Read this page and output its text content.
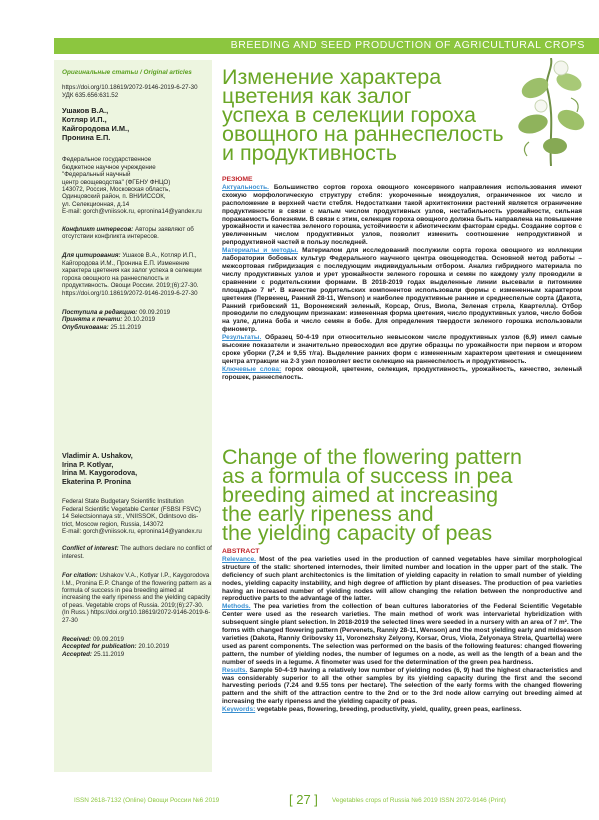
BREEDING AND SEED PRODUCTION OF AGRICULTURAL CROPS

Оригинальные статьи / Original articles

https://doi.org/10.18619/2072-9146-2019-6-27-30

УДК 635.656:631.52

Ушаков В.А.,

Котляр И.П.,

Кайгородова И.М.,

Пронина Е.П.

Федеральное государственное

бюджетное научное учреждение

"Федеральный научный

центр овощеводства" (ФГБНУ ФНЦО)

143072, Россия, Московская область,

Одинцовский район, п. ВНИИССОК,

ул. Селекционная, д.14

E-mail: gorch@vniissok.ru, epronina14@yandex.ru

Конфликт интересов: Авторы заявляют об отсутствии конфликта интересов.

Для цитирования: Ушаков В.А., Котляр И.П., Кайгородова И.М., Пронина Е.П. Изменение характера цветения как залог успеха в селекции гороха овощного на раннеспелость и продуктивность. Овощи России. 2019;(6):27-30. https://doi.org/10.18619/2072-9146-2019-6-27-30

Поступила в редакцию: 09.09.2019

Принята к печати: 20.10.2019

Опубликована: 25.11.2019

Vladimir A. Ushakov,

Irina P. Kotlyar,

Irina M. Kaygorodova,

Ekaterina P. Pronina

Federal State Budgetary Scientific Institution

Federal Scientific Vegetable Center (FSBSI FSVC)

14 Selectsionnaya str., VNIISSOK, Odintsovo dis-

trict, Moscow region, Russia, 143072

E-mail: gorch@vniissok.ru, epronina14@yandex.ru

Conflict of interest: The authors declare no conflict of interest.

For citation: Ushakov V.A., Kotlyar I.P., Kaygorodova I.M., Pronina E.P. Change of the flowering pattern as a formula of success in pea breeding aimed at increasing the early ripeness and the yielding capacity of peas. Vegetable crops of Russia. 2019;(6):27-30. (In Russ.) https://doi.org/10.18619/2072-9146-2019-6-27-30

Received: 09.09.2019

Accepted for publication: 20.10.2019

Accepted: 25.11.2019

Изменение характера
цветения как залог
успеха в селекции гороха
овощного на раннеспелость
и продуктивность

РЕЗЮМЕ

Актуальность. Большинство сортов гороха овощного консервного направления использования имеют схожую морфологическую структуру стебля: укороченные междоузлия, ограниченное их число и расположение в верхней части стебля. Недостатками такой архитектоники растений является ограничение продуктивности в связи с малым числом продуктивных узлов, нестабильность урожайности, сильная поражаемость болезнями. В связи с этим, селекция гороха овощного должна быть направлена на повышение урожайности и качества зеленого горошка, устойчивости к абиотическим факторам среды. Создание сортов с увеличенным числом продуктивных узлов, позволит изменить соотношение непродуктивной и репродуктивной частей в пользу последней.

Материалы и методы. Материалом для исследований послужили сорта гороха овощного из коллекции лаборатории бобовых культур Федерального научного центра овощеводства. Основной метод работы – межсортовая гибридизация с последующим индивидуальным отбором. Анализ гибридного материала по числу продуктивных узлов и урет урожайности зеленого горошка и семян по каждому узлу проводили в сравнении с родительскими формами. В 2018-2019 годах выделенные линии высевали в питомнике площадью 7 м². В качестве родительских компонентов использовали формы с измененным характером цветения (Первенец, Ранний 28-11, Wenson) и наиболее продуктивные ранние и среднеспелые сорта (Дакота, Ранний грибовский 11, Воронежский зеленый, Корсар, Orus, Виола, Зеленая стрела, Квартелла). Отбор проводили по следующим признакам: измененная форма цветения, число продуктивных узлов, число бобов на узле, длина боба и число семян в бобе. Для определения твердости зеленого горошка использовали финометр.

Результаты. Образец 50-4-19 при относительно невысоком числе продуктивных узлов (6,9) имел самые высокие показатели и значительно превосходил все другие образцы по урожайности при первом и втором сроке уборки (7,24 и 9,55 т/га). Выделение ранних форм с измененным характером цветения и смещением центра аттракции на 2-3 узел позволяет вести селекцию на раннеспелость и продуктивность.

Ключевые слова: горох овощной, цветение, селекция, продуктивность, урожайность, качество, зеленый горошек, раннеспелость.

Change of the flowering pattern
as a formula of success in pea
breeding aimed at increasing
the early ripeness and
the yielding capacity of peas

ABSTRACT

Relevance. Most of the pea varieties used in the production of canned vegetables have similar morphological structure of the stalk: shortened internodes, their limited number and location in the upper part of the stalk. The deficiency of such plant architectonics is the limitation of yielding capacity in relation to small number of yielding nodes, yielding capacity instability, and high degree of affliction by plant diseases. The production of pea varieties having an increased number of yielding nodes will allow changing the relation between the nonproductive and reproductive parts to the advantage of the latter.

Methods. The pea varieties from the collection of bean cultures laboratories of the Federal Scientific Vegetable Center were used as the research varieties. The main method of work was intervarietal hybridization with subsequent single plant selection. In 2018-2019 the selected lines were seeded in a nursery with an area of 7 m². The forms with changed flowering pattern (Pervenets, Ranniy 28-11, Wenson) and the most yielding early and midseason varieties (Dakota, Ranniy Gribovsky 11, Voronezhsky Zelyony, Korsar, Orus, Viola, Zelyonaya Strela, Quartella) were used as parent components. The selection was performed on the basis of the following features: changed flowering pattern, the number of yielding nodes, the number of legumes on a node, as well as the length of a bean and the number of seeds in a legume. A finometer was used for the determination of the green pea hardness.

Results. Sample 50-4-19 having a relatively low number of yielding nodes (6, 9) had the highest characteristics and was considerably superior to all the other samples by its yielding capacity during the first and the second harvesting periods (7.24 and 9.55 tons per hectare). The selection of the early forms with the changed flowering pattern and the shift of the attraction centre to the 2nd or to the 3rd node allow carrying out breeding aimed at increasing the early ripeness and the yielding capacity of peas.

Keywords: vegetable peas, flowering, breeding, productivity, yield, quality, green peas, earliness.

ISSN 2618-7132 (Online) Овощи России №6 2019	[ 27 ] Vegetables crops of Russia №6 2019 ISSN 2072-9146 (Print)
